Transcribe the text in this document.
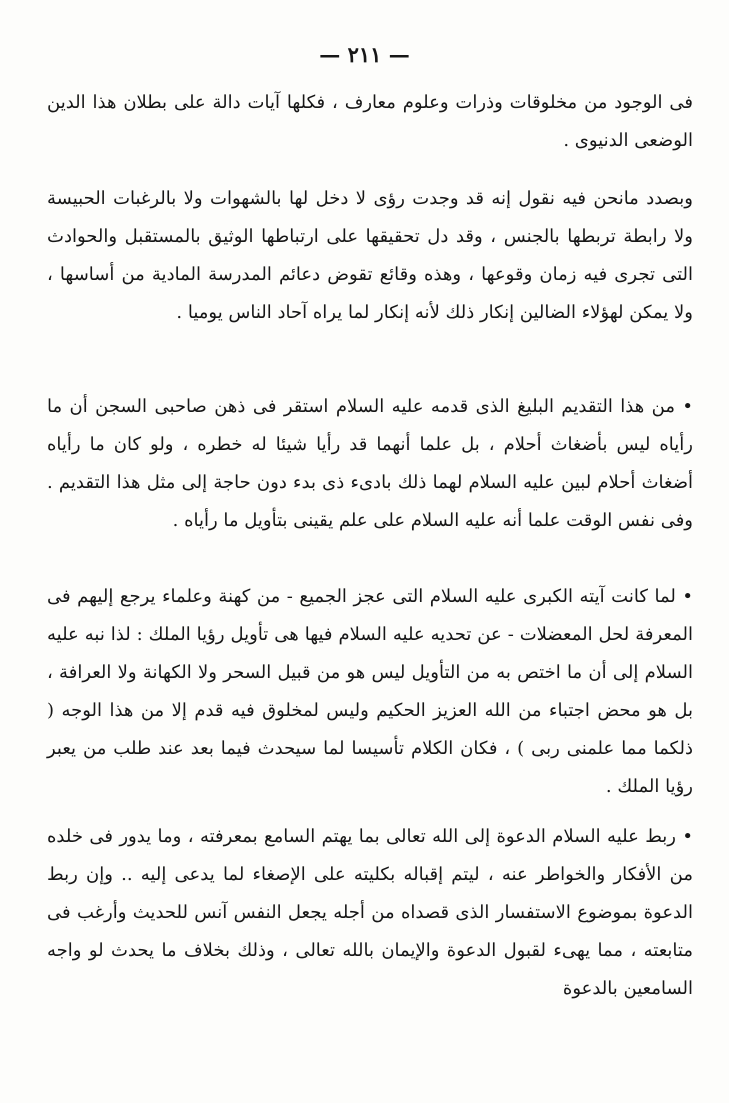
— ٢١١ —

فى الوجود من مخلوقات وذرات وعلوم معارف ، فكلها آيات دالة على بطلان هذا الدين الوضعى الدنيوى .

وبصدد مانحن فيه نقول إنه قد وجدت رؤى لا دخل لها بالشهوات ولا بالرغبات الحبيسة ولا رابطة تربطها بالجنس ، وقد دل تحقيقها على ارتباطها الوثيق بالمستقبل والحوادث التى تجرى فيه زمان وقوعها ، وهذه وقائع تقوض دعائم المدرسة المادية من أساسها ، ولا يمكن لهؤلاء الضالين إنكار ذلك لأنه إنكار لما يراه آحاد الناس يوميا .

• من هذا التقديم البليغ الذى قدمه عليه السلام استقر فى ذهن صاحبى السجن أن ما رأياه ليس بأضغاث أحلام ، بل علما أنهما قد رأيا شيئا له خطره ، ولو كان ما رأياه أضغاث أحلام لبين عليه السلام لهما ذلك بادىء ذى بدء دون حاجة إلى مثل هذا التقديم . وفى نفس الوقت علما أنه عليه السلام على علم يقينى بتأويل ما رأياه .

• لما كانت آيته الكبرى عليه السلام التى عجز الجميع - من كهنة وعلماء يرجع إليهم فى المعرفة لحل المعضلات - عن تحديه عليه السلام فيها هى تأويل رؤيا الملك : لذا نبه عليه السلام إلى أن ما اختص به من التأويل ليس هو من قبيل السحر ولا الكهانة ولا العرافة ، بل هو محض اجتباء من الله العزيز الحكيم وليس لمخلوق فيه قدم إلا من هذا الوجه ( ذلكما مما علمنى ربى ) ، فكان الكلام تأسيسا لما سيحدث فيما بعد عند طلب من يعبر رؤيا الملك .

• ربط عليه السلام الدعوة إلى الله تعالى بما يهتم السامع بمعرفته ، وما يدور فى خلده من الأفكار والخواطر عنه ، ليتم إقباله بكليته على الإصغاء لما يدعى إليه .. وإن ربط الدعوة بموضوع الاستفسار الذى قصداه من أجله يجعل النفس آنس للحديث وأرغب فى متابعته ، مما يهىء لقبول الدعوة والإيمان بالله تعالى ، وذلك بخلاف ما يحدث لو واجه السامعين بالدعوة
